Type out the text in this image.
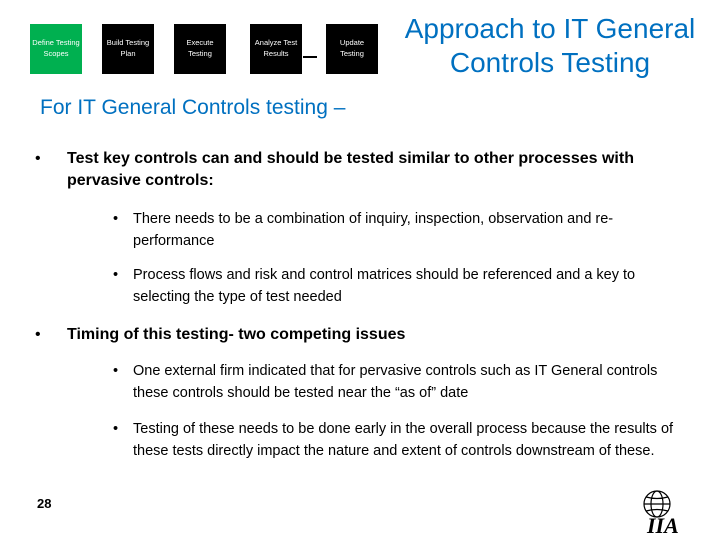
Define Testing Scopes
Build Testing Plan
Execute Testing
Analyze Test Results
Update Testing
Approach to IT General Controls Testing
For IT General Controls testing –
• Test key controls can and should be tested similar to other processes with pervasive controls:
• There needs to be a combination of inquiry, inspection, observation and re-performance
• Process flows and risk and control matrices should be referenced and a key to selecting the type of test needed
• Timing of this testing- two competing issues
• One external firm indicated that for pervasive controls such as IT General controls these controls should be tested near the “as of” date
• Testing of these needs to be done early in the overall process because the results of these tests directly impact the nature and extent of controls downstream of these.
28
IIA
